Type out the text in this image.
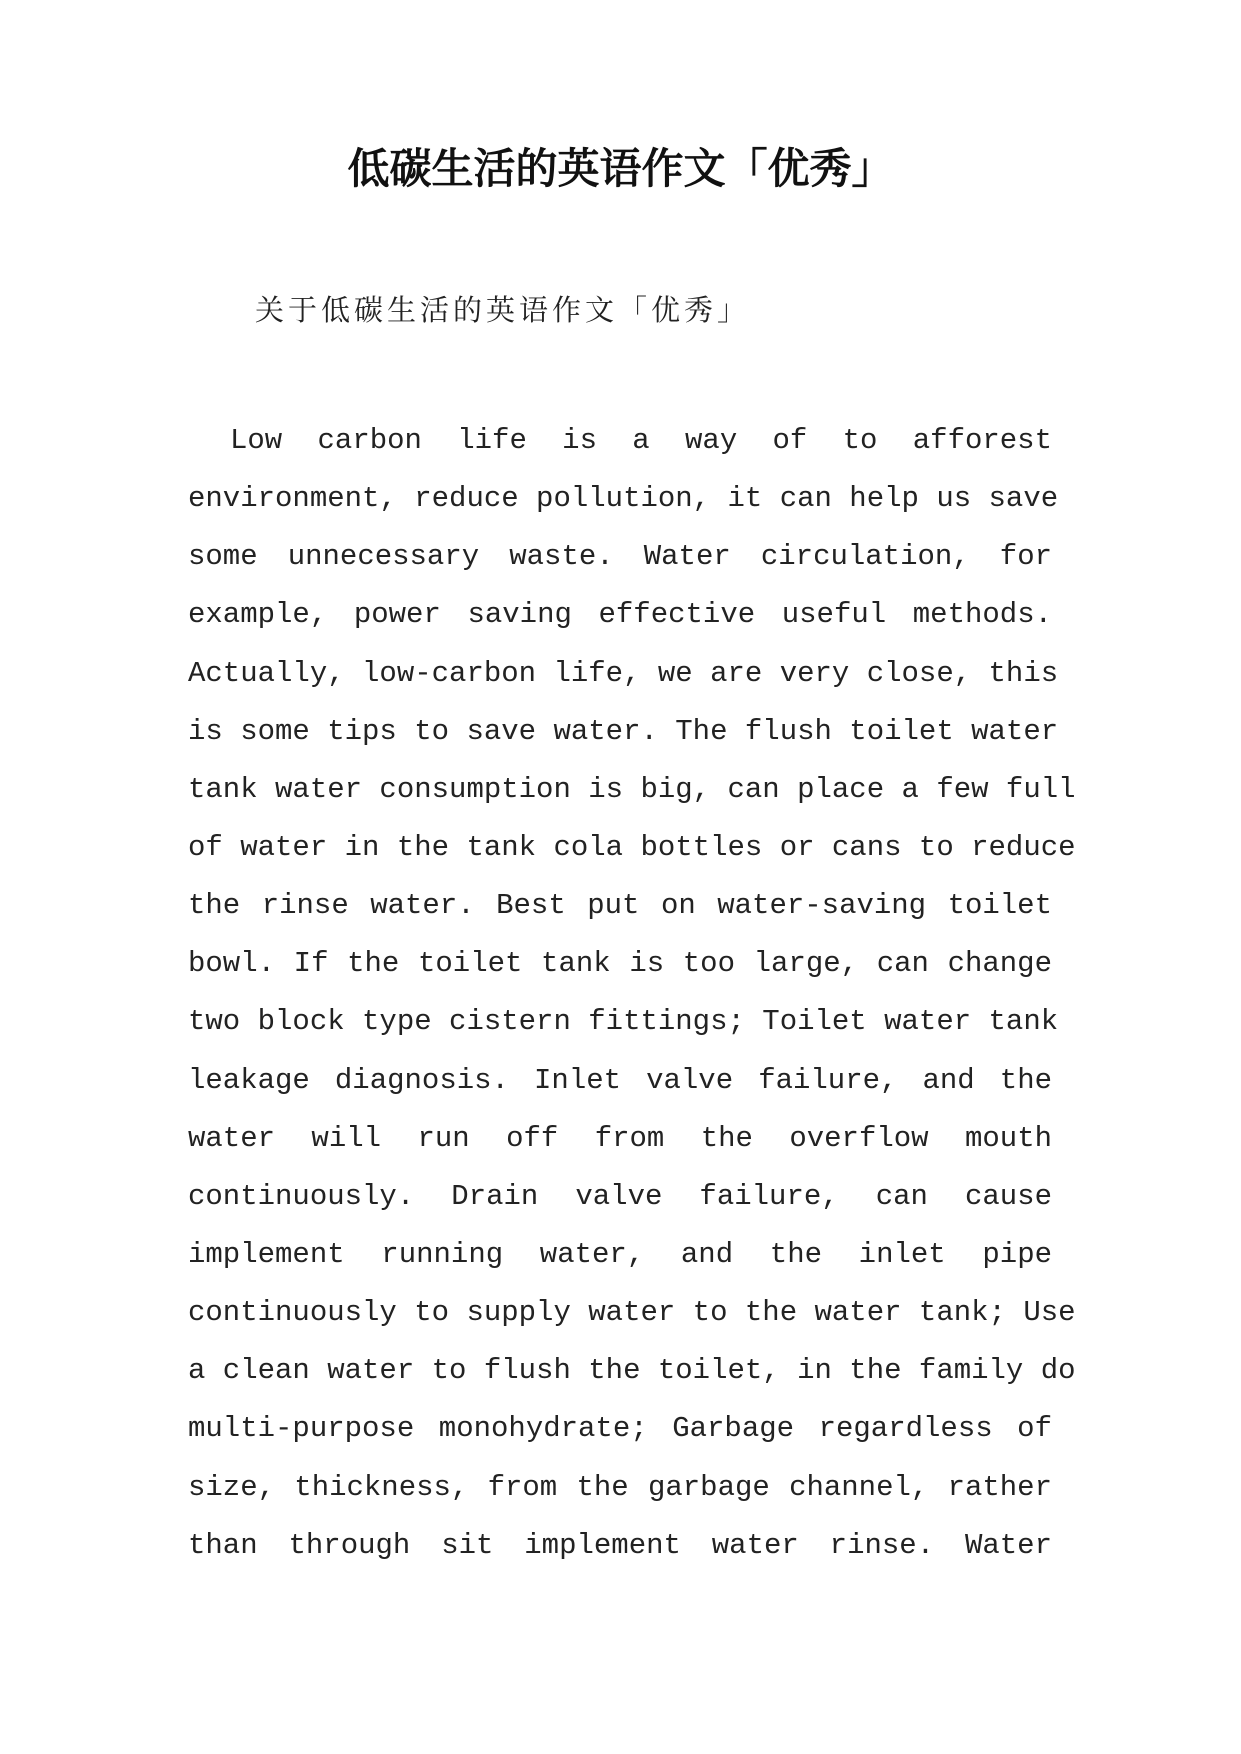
低碳生活的英语作文「优秀」

关于低碳生活的英语作文「优秀」

Low carbon life is a way of to afforest

environment, reduce pollution, it can help us save

some unnecessary waste. Water circulation, for

example, power saving effective useful methods.

Actually, low-carbon life, we are very close, this

is some tips to save water. The flush toilet water

tank water consumption is big, can place a few full

of water in the tank cola bottles or cans to reduce

the rinse water. Best put on water-saving toilet

bowl. If the toilet tank is too large, can change

two block type cistern fittings; Toilet water tank

leakage diagnosis. Inlet valve failure, and the

water will run off from the overflow mouth

continuously. Drain valve failure, can cause

implement running water, and the inlet pipe

continuously to supply water to the water tank; Use

a clean water to flush the toilet, in the family do

multi-purpose monohydrate; Garbage regardless of

size, thickness, from the garbage channel, rather

than through sit implement water rinse. Water
